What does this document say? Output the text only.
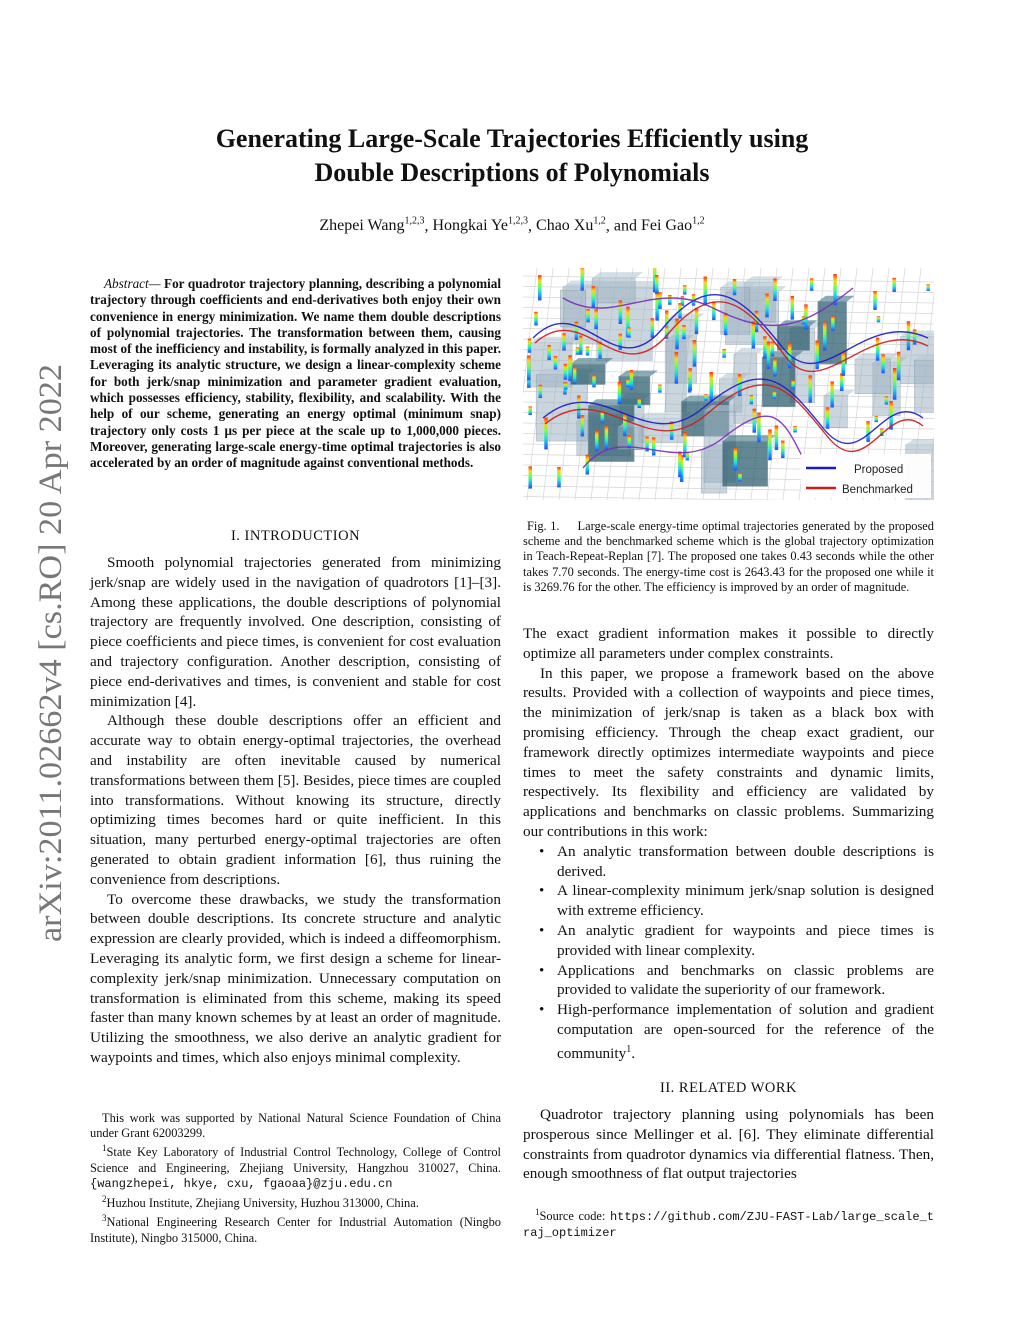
Generating Large-Scale Trajectories Efficiently using
Double Descriptions of Polynomials
Zhepei Wang$^{1,2,3}$, Hongkai Ye$^{1,2,3}$, Chao Xu$^{1,2}$, and Fei Gao$^{1,2}$
arXiv:2011.02662v4 [cs.RO] 20 Apr 2022
Abstract— For quadrotor trajectory planning, describing a polynomial trajectory through coefficients and end-derivatives both enjoy their own convenience in energy minimization. We name them double descriptions of polynomial trajectories. The transformation between them, causing most of the inefficiency and instability, is formally analyzed in this paper. Leveraging its analytic structure, we design a linear-complexity scheme for both jerk/snap minimization and parameter gradient evaluation, which possesses efficiency, stability, flexibility, and scalability. With the help of our scheme, generating an energy optimal (minimum snap) trajectory only costs 1 μs per piece at the scale up to 1,000,000 pieces. Moreover, generating large-scale energy-time optimal trajectories is also accelerated by an order of magnitude against conventional methods.
I. INTRODUCTION

Smooth polynomial trajectories generated from minimizing jerk/snap are widely used in the navigation of quadrotors [1]–[3]. Among these applications, the double descriptions of polynomial trajectory are frequently involved. One description, consisting of piece coefficients and piece times, is convenient for cost evaluation and trajectory configuration. Another description, consisting of piece end-derivatives and times, is convenient and stable for cost minimization [4].

Although these double descriptions offer an efficient and accurate way to obtain energy-optimal trajectories, the overhead and instability are often inevitable caused by numerical transformations between them [5]. Besides, piece times are coupled into transformations. Without knowing its structure, directly optimizing times becomes hard or quite inefficient. In this situation, many perturbed energy-optimal trajectories are often generated to obtain gradient information [6], thus ruining the convenience from descriptions.

To overcome these drawbacks, we study the transformation between double descriptions. Its concrete structure and analytic expression are clearly provided, which is indeed a diffeomorphism. Leveraging its analytic form, we first design a scheme for linear-complexity jerk/snap minimization. Unnecessary computation on transformation is eliminated from this scheme, making its speed faster than many known schemes by at least an order of magnitude. Utilizing the smoothness, we also derive an analytic gradient for waypoints and times, which also enjoys minimal complexity.

This work was supported by National Natural Science Foundation of China under Grant 62003299.

$^1$State Key Laboratory of Industrial Control Technology, College of Control Science and Engineering, Zhejiang University, Hangzhou 310027, China. {wangzhepei, hkye, cxu, fgaoaa}@zju.edu.cn

$^2$Huzhou Institute, Zhejiang University, Huzhou 313000, China.

$^3$National Engineering Research Center for Industrial Automation (Ningbo Institute), Ningbo 315000, China.

Proposed
Benchmarked
Fig. 1. Large-scale energy-time optimal trajectories generated by the proposed scheme and the benchmarked scheme which is the global trajectory optimization in Teach-Repeat-Replan [7]. The proposed one takes 0.43 seconds while the other takes 7.70 seconds. The energy-time cost is 2643.43 for the proposed one while it is 3269.76 for the other. The efficiency is improved by an order of magnitude.

The exact gradient information makes it possible to directly optimize all parameters under complex constraints.

In this paper, we propose a framework based on the above results. Provided with a collection of waypoints and piece times, the minimization of jerk/snap is taken as a black box with promising efficiency. Through the cheap exact gradient, our framework directly optimizes intermediate waypoints and piece times to meet the safety constraints and dynamic limits, respectively. Its flexibility and efficiency are validated by applications and benchmarks on classic problems. Summarizing our contributions in this work:

• An analytic transformation between double descriptions is derived.
• A linear-complexity minimum jerk/snap solution is designed with extreme efficiency.
• An analytic gradient for waypoints and piece times is provided with linear complexity.
• Applications and benchmarks on classic problems are provided to validate the superiority of our framework.
• High-performance implementation of solution and gradient computation are open-sourced for the reference of the community$^1$.
II. RELATED WORK

Quadrotor trajectory planning using polynomials has been prosperous since Mellinger et al. [6]. They eliminate differential constraints from quadrotor dynamics via differential flatness. Then, enough smoothness of flat output trajectories

$^1$Source code: https://github.com/ZJU-FAST-Lab/large_scale_traj_optimizer
